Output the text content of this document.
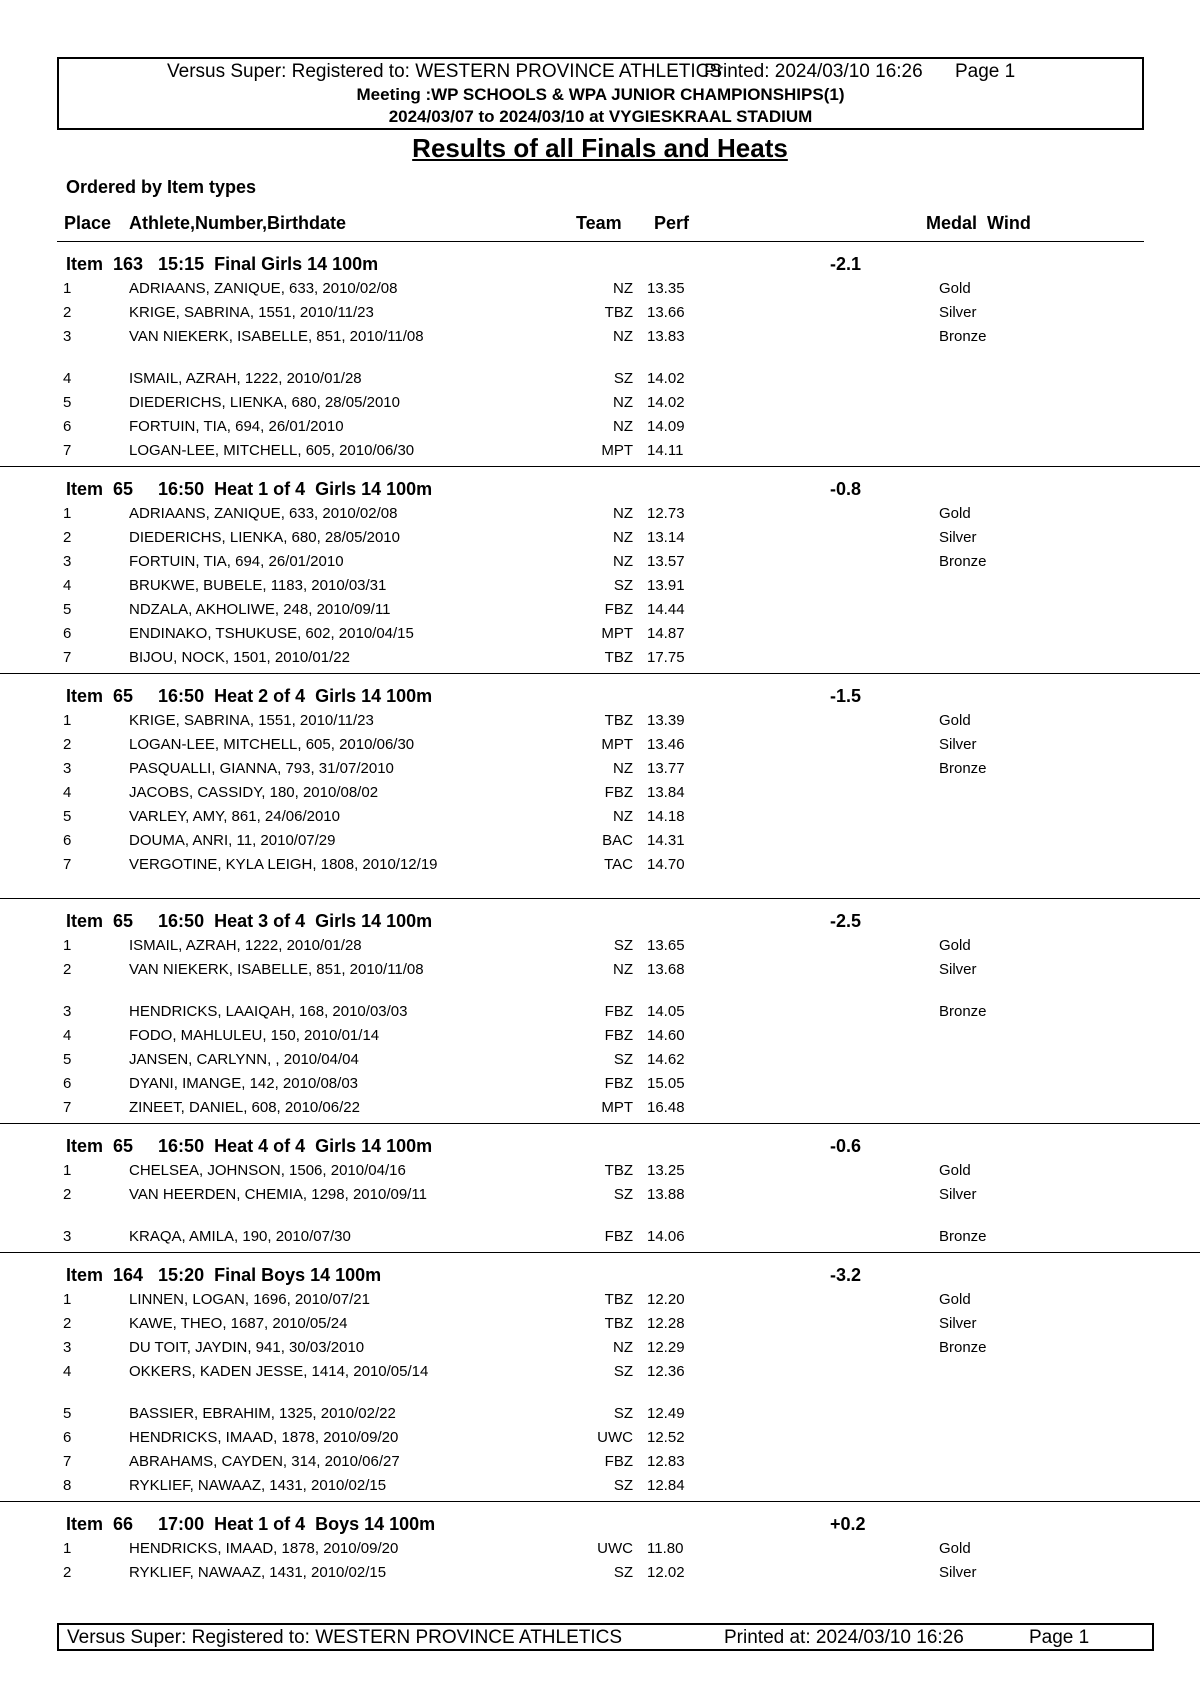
Versus Super: Registered to: WESTERN PROVINCE ATHLETICS
Printed: 2024/03/10 16:26 Page 1
Meeting :WP SCHOOLS & WPA JUNIOR CHAMPIONSHIPS(1)
2024/03/07 to 2024/03/10 at VYGIESKRAAL STADIUM
Results of all Finals and Heats
Ordered by Item types
Place Athlete,Number,Birthdate	Team Perf	Medal  Wind
Item  163   15:15  Final Girls 14 100m	-2.1
1	ADRIAANS, ZANIQUE, 633, 2010/02/08	NZ 13.35	Gold
2	KRIGE, SABRINA, 1551, 2010/11/23	TBZ 13.66	Silver
3	VAN NIEKERK, ISABELLE, 851, 2010/11/08	NZ 13.83	Bronze
4	ISMAIL, AZRAH, 1222, 2010/01/28	SZ 14.02
5	DIEDERICHS, LIENKA, 680, 28/05/2010	NZ 14.02
6	FORTUIN, TIA, 694, 26/01/2010	NZ 14.09
7	LOGAN-LEE, MITCHELL, 605, 2010/06/30	MPT 14.11
Item  65     16:50  Heat 1 of 4  Girls 14 100m	-0.8
1	ADRIAANS, ZANIQUE, 633, 2010/02/08	NZ 12.73	Gold
2	DIEDERICHS, LIENKA, 680, 28/05/2010	NZ 13.14	Silver
3	FORTUIN, TIA, 694, 26/01/2010	NZ 13.57	Bronze
4	BRUKWE, BUBELE, 1183, 2010/03/31	SZ 13.91
5	NDZALA, AKHOLIWE, 248, 2010/09/11	FBZ 14.44
6	ENDINAKO, TSHUKUSE, 602, 2010/04/15	MPT 14.87
7	BIJOU, NOCK, 1501, 2010/01/22	TBZ 17.75
Item  65     16:50  Heat 2 of 4  Girls 14 100m	-1.5
1	KRIGE, SABRINA, 1551, 2010/11/23	TBZ 13.39	Gold
2	LOGAN-LEE, MITCHELL, 605, 2010/06/30	MPT 13.46	Silver
3	PASQUALLI, GIANNA, 793, 31/07/2010	NZ 13.77	Bronze
4	JACOBS, CASSIDY, 180, 2010/08/02	FBZ 13.84
5	VARLEY, AMY, 861, 24/06/2010	NZ 14.18
6	DOUMA, ANRI, 11, 2010/07/29	BAC 14.31
7	VERGOTINE, KYLA LEIGH, 1808, 2010/12/19	TAC 14.70
Item  65     16:50  Heat 3 of 4  Girls 14 100m	-2.5
1	ISMAIL, AZRAH, 1222, 2010/01/28	SZ 13.65	Gold
2	VAN NIEKERK, ISABELLE, 851, 2010/11/08	NZ 13.68	Silver
3	HENDRICKS, LAAIQAH, 168, 2010/03/03	FBZ 14.05	Bronze
4	FODO, MAHLULEU, 150, 2010/01/14	FBZ 14.60
5	JANSEN, CARLYNN, , 2010/04/04	SZ 14.62
6	DYANI, IMANGE, 142, 2010/08/03	FBZ 15.05
7	ZINEET, DANIEL, 608, 2010/06/22	MPT 16.48
Item  65     16:50  Heat 4 of 4  Girls 14 100m	-0.6
1	CHELSEA, JOHNSON, 1506, 2010/04/16	TBZ 13.25	Gold
2	VAN HEERDEN, CHEMIA, 1298, 2010/09/11	SZ 13.88	Silver
3	KRAQA, AMILA, 190, 2010/07/30	FBZ 14.06	Bronze
Item  164   15:20  Final Boys 14 100m	-3.2
1	LINNEN, LOGAN, 1696, 2010/07/21	TBZ 12.20	Gold
2	KAWE, THEO, 1687, 2010/05/24	TBZ 12.28	Silver
3	DU TOIT, JAYDIN, 941, 30/03/2010	NZ 12.29	Bronze
4	OKKERS, KADEN JESSE, 1414, 2010/05/14	SZ 12.36
5	BASSIER, EBRAHIM, 1325, 2010/02/22	SZ 12.49
6	HENDRICKS, IMAAD, 1878, 2010/09/20	UWC 12.52
7	ABRAHAMS, CAYDEN, 314, 2010/06/27	FBZ 12.83
8	RYKLIEF, NAWAAZ, 1431, 2010/02/15	SZ 12.84
Item  66     17:00  Heat 1 of 4  Boys 14 100m	+0.2
1	HENDRICKS, IMAAD, 1878, 2010/09/20	UWC 11.80	Gold
2	RYKLIEF, NAWAAZ, 1431, 2010/02/15	SZ 12.02	Silver
Versus Super: Registered to: WESTERN PROVINCE ATHLETICS	Printed at: 2024/03/10 16:26	Page 1
